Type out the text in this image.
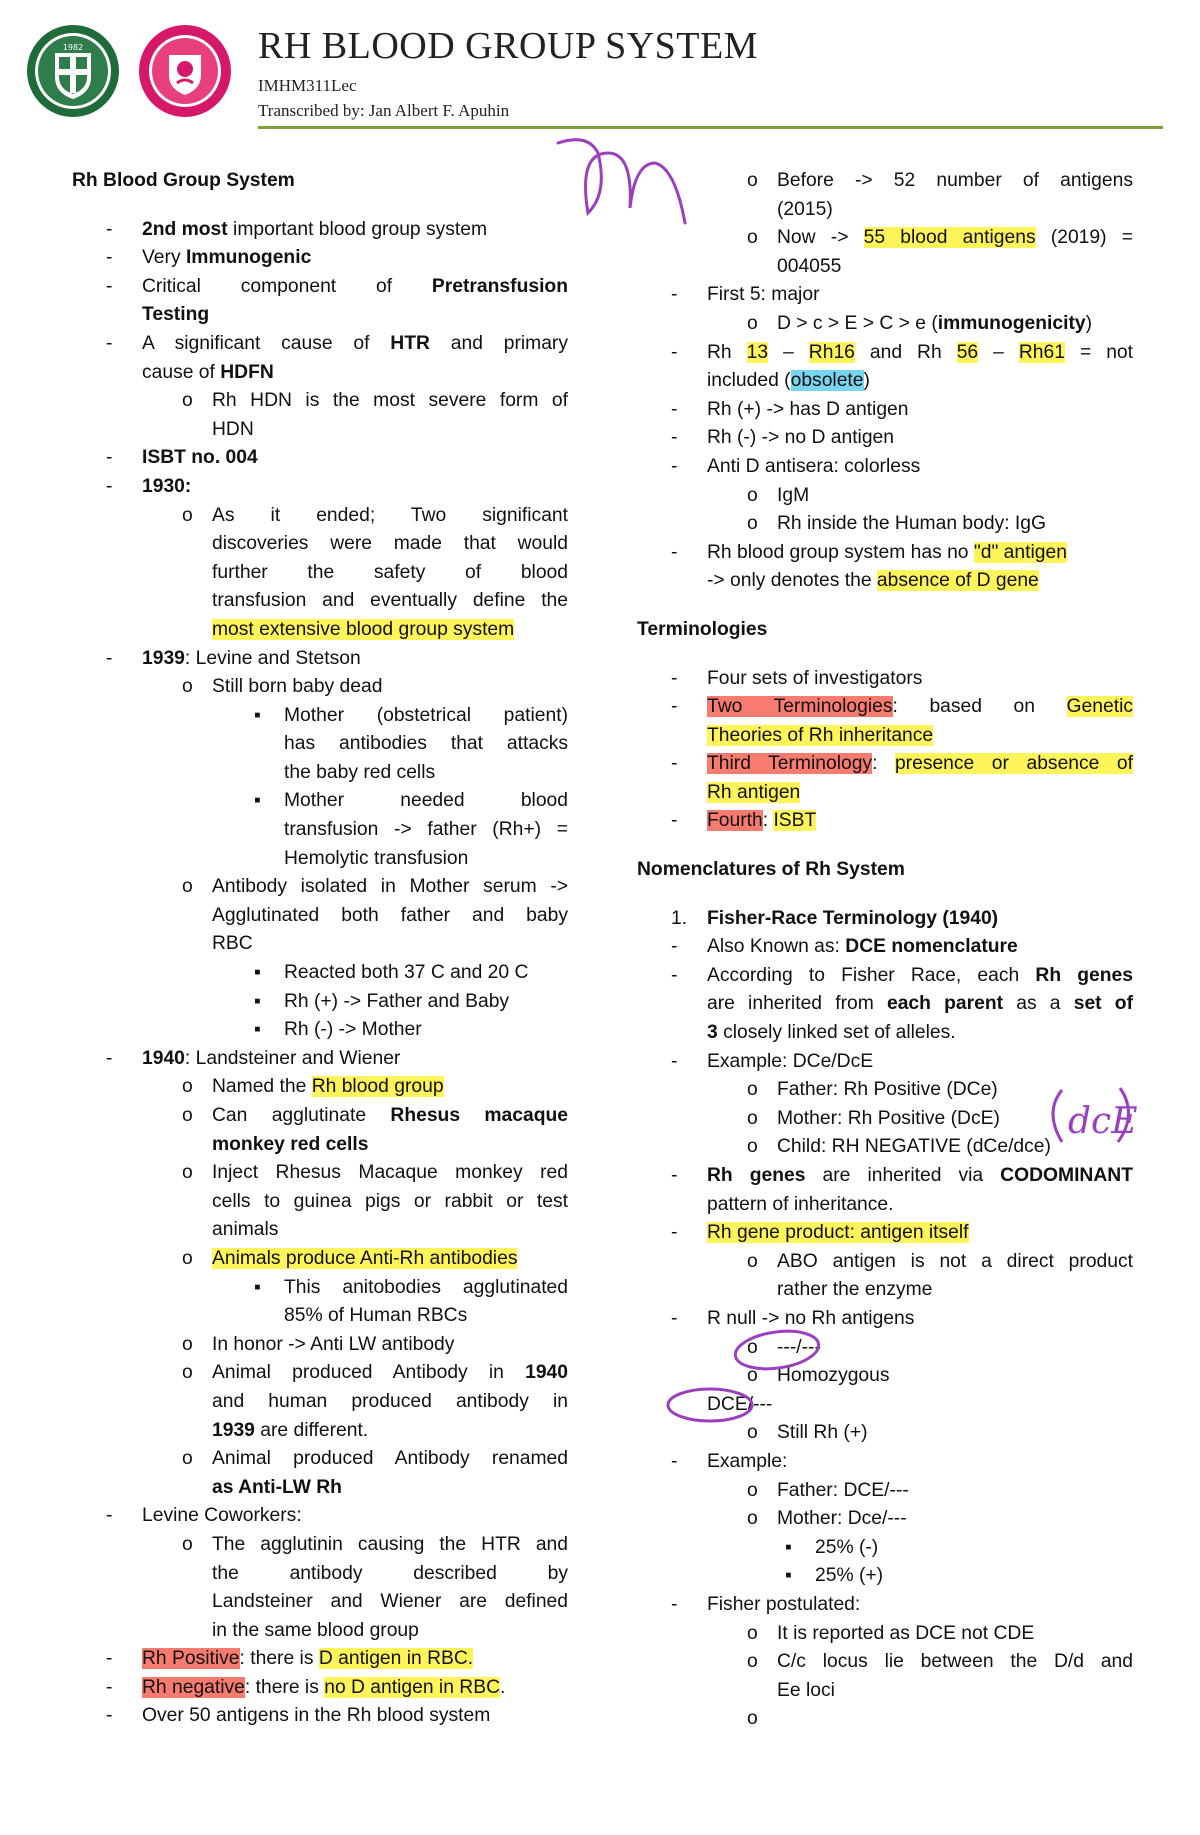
1982	RH BLOOD GROUP SYSTEM
IMHM311Lec
Transcribed by: Jan Albert F. Apuhin
Rh Blood Group System
- 2nd most important blood group system
- Very Immunogenic
- Critical component of Pretransfusion
Testing
- A significant cause of HTR and primary
cause of HDFN
o Rh HDN is the most severe form of
HDN
- ISBT no. 004
- 1930:
o As it ended; Two significant
discoveries were made that would
further the safety of blood
transfusion and eventually define the
most extensive blood group system
- 1939: Levine and Stetson
o Still born baby dead
▪ Mother (obstetrical patient)
has antibodies that attacks
the baby red cells
▪ Mother needed blood
transfusion -> father (Rh+) =
Hemolytic transfusion
o Antibody isolated in Mother serum ->
Agglutinated both father and baby
RBC
▪ Reacted both 37 C and 20 C
▪ Rh (+) -> Father and Baby
▪ Rh (-) -> Mother
- 1940: Landsteiner and Wiener
o Named the Rh blood group
o Can agglutinate Rhesus macaque
monkey red cells
o Inject Rhesus Macaque monkey red
cells to guinea pigs or rabbit or test
animals
o Animals produce Anti-Rh antibodies
▪ This anitobodies agglutinated
85% of Human RBCs
o In honor -> Anti LW antibody
o Animal produced Antibody in 1940
and human produced antibody in
1939 are different.
o Animal produced Antibody renamed
as Anti-LW Rh
- Levine Coworkers:
o The agglutinin causing the HTR and
the antibody described by
Landsteiner and Wiener are defined
in the same blood group
- Rh Positive: there is D antigen in RBC.
- Rh negative: there is no D antigen in RBC.
- Over 50 antigens in the Rh blood system
o Before -> 52 number of antigens
(2015)
o Now -> 55 blood antigens (2019) =
004055
- First 5: major
o D > c > E > C > e (immunogenicity)
- Rh 13 – Rh16 and Rh 56 – Rh61 = not
included (obsolete)
- Rh (+) -> has D antigen
- Rh (-) -> no D antigen
- Anti D antisera: colorless
o IgM
o Rh inside the Human body: IgG
- Rh blood group system has no "d" antigen
-> only denotes the absence of D gene
Terminologies
- Four sets of investigators
- Two Terminologies: based on Genetic
Theories of Rh inheritance
- Third Terminology: presence or absence of
Rh antigen
- Fourth: ISBT
Nomenclatures of Rh System
1. Fisher-Race Terminology (1940)
- Also Known as: DCE nomenclature
- According to Fisher Race, each Rh genes
are inherited from each parent as a set of
3 closely linked set of alleles.
- Example: DCe/DcE
o Father: Rh Positive (DCe)
o Mother: Rh Positive (DcE)
o Child: RH NEGATIVE (dCe/dce)
- Rh genes are inherited via CODOMINANT
pattern of inheritance.
- Rh gene product: antigen itself
o ABO antigen is not a direct product
rather the enzyme
- R null -> no Rh antigens
o ---/---
o Homozygous
DCE/---
o Still Rh (+)
- Example:
o Father: DCE/---
o Mother: Dce/---
▪ 25% (-)
▪ 25% (+)
- Fisher postulated:
o It is reported as DCE not CDE
o C/c locus lie between the D/d and
Ee loci
o
dcE
